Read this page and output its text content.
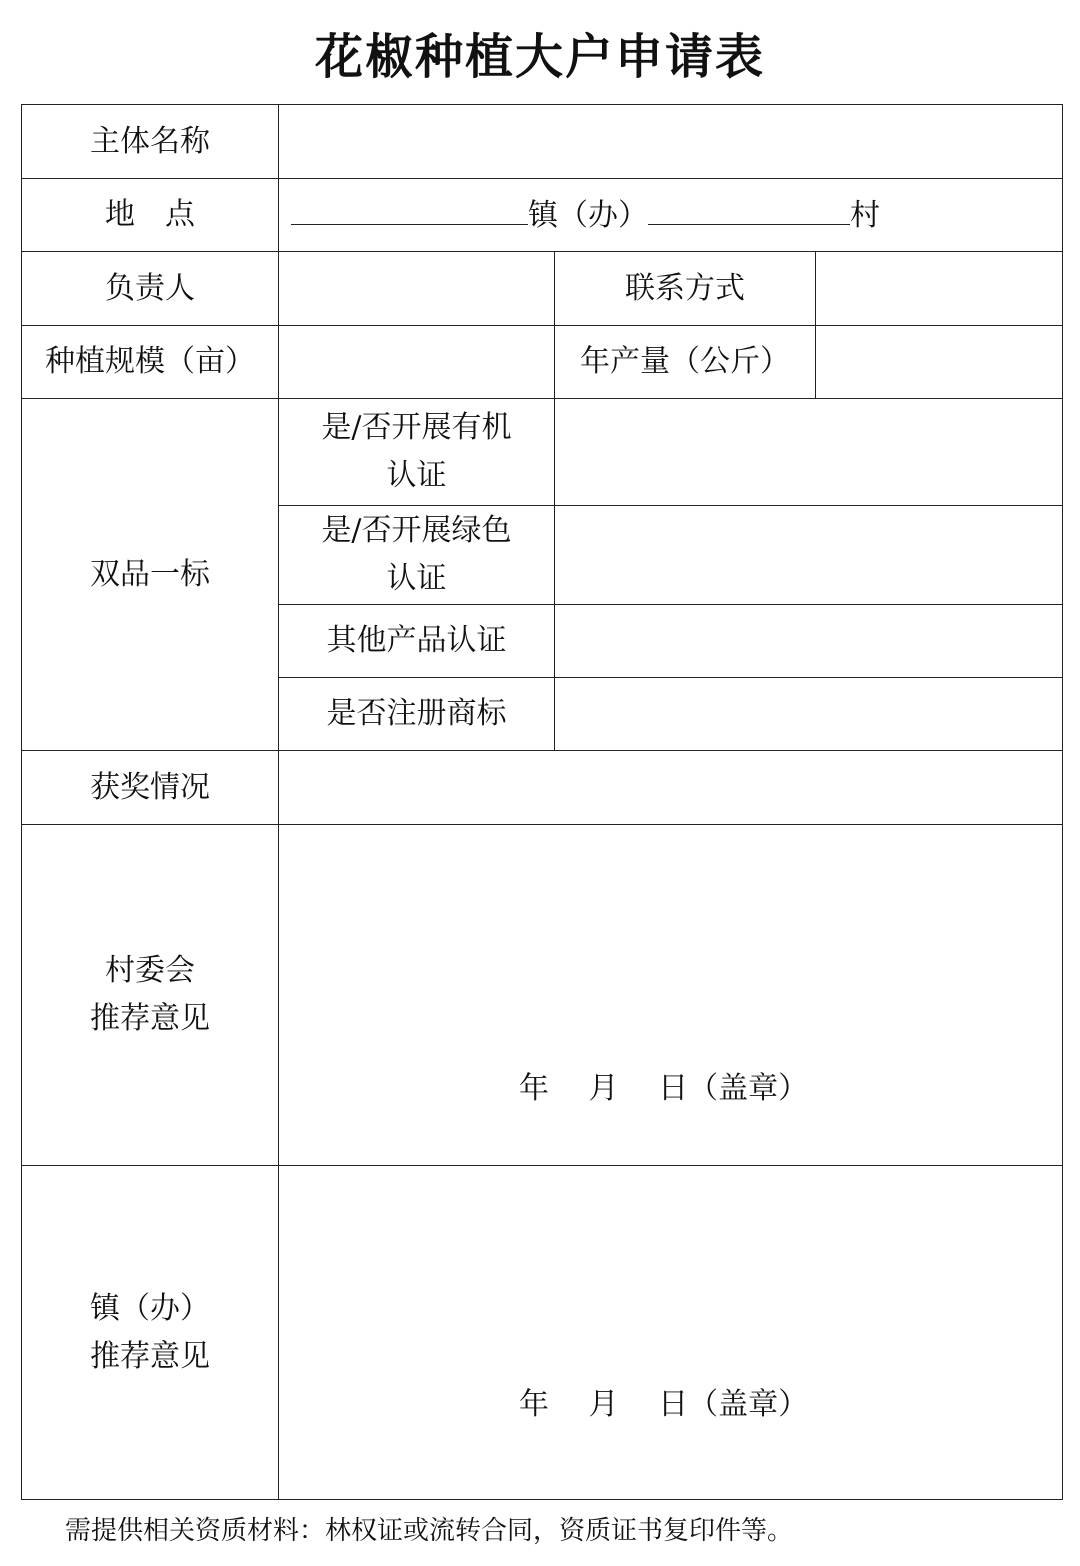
花椒种植大户申请表
主体名称			
地　点	镇（办） 村		
负责人		联系方式	
种植规模（亩）		年产量（公斤）	
双品一标	是/否开展有机认证		
	是/否开展绿色认证		
	其他产品认证		
	是否注册商标		
获奖情况			
村委会
推荐意见	年　 月　 日（盖章）		

镇（办）
推荐意见	年　 月　 日（盖章）		
需提供相关资质材料：林权证或流转合同，资质证书复印件等。
